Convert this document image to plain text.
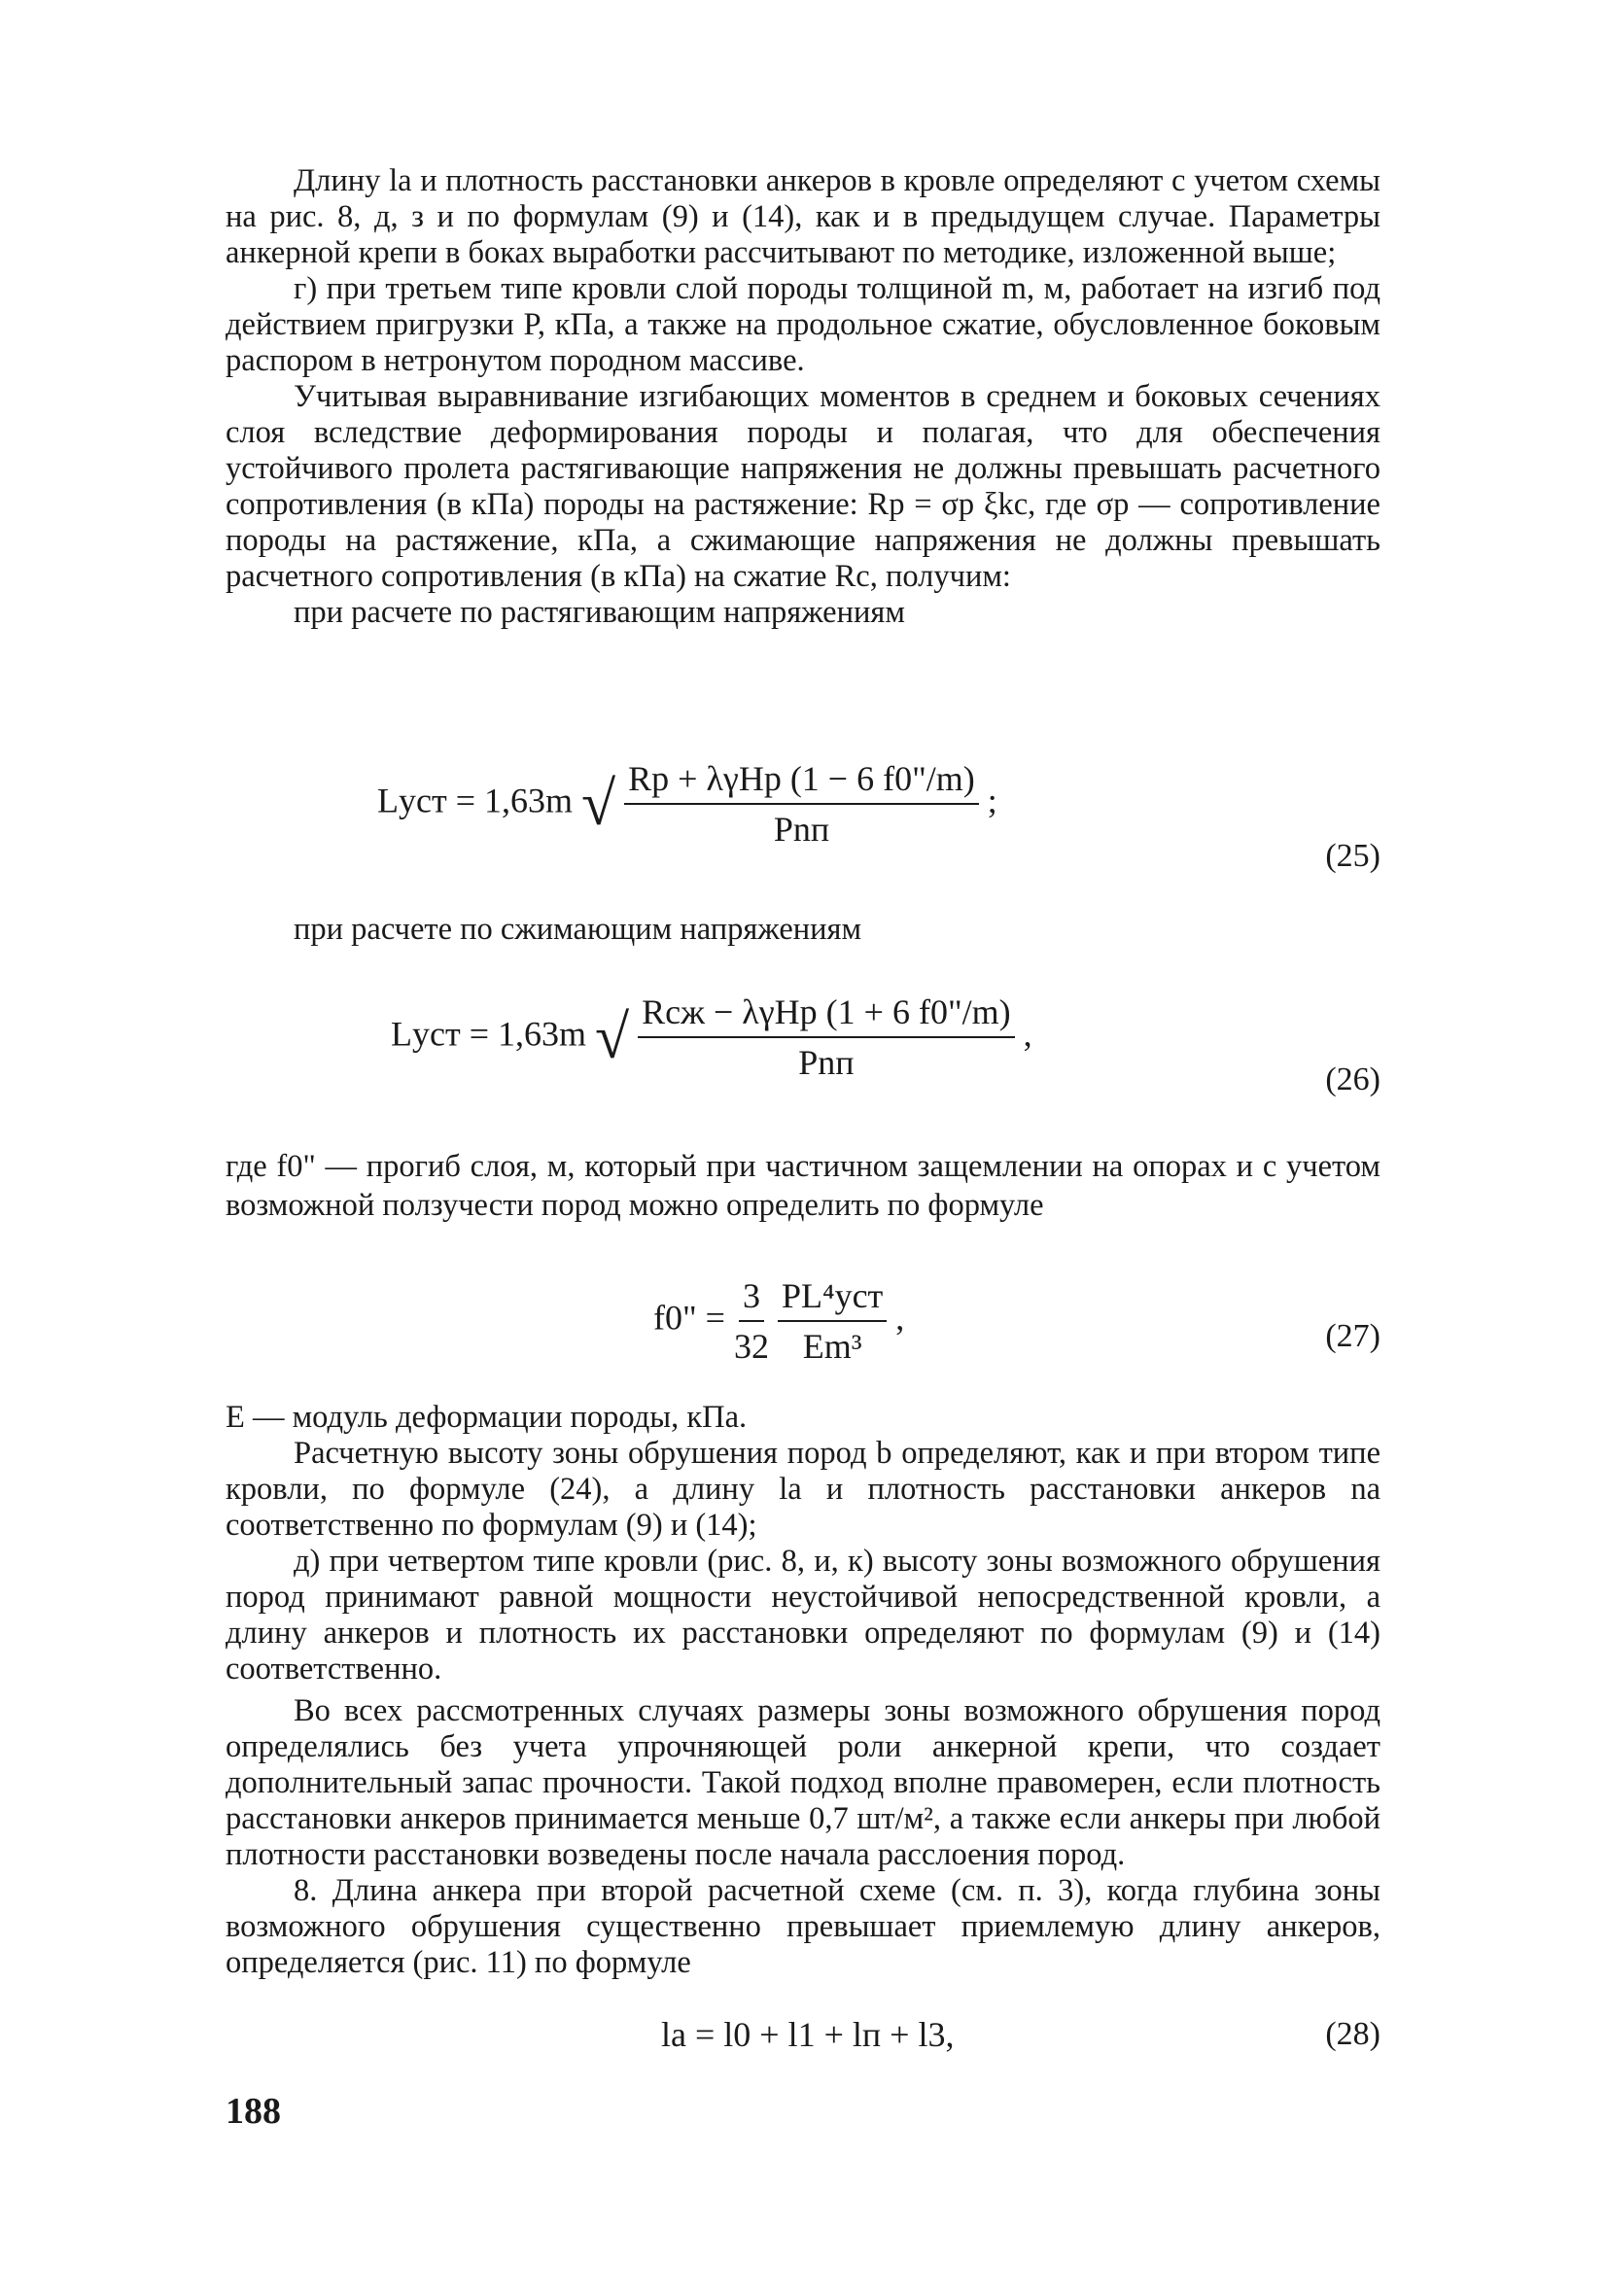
Длину lа и плотность расстановки анкеров в кровле определяют с учетом схемы на рис. 8, д, з и по формулам (9) и (14), как и в предыдущем случае. Параметры анкерной крепи в боках выработки рассчитывают по методике, изложенной выше;

г) при третьем типе кровли слой породы толщиной m, м, работает на изгиб под действием пригрузки P, кПа, а также на продольное сжатие, обусловленное боковым распором в нетронутом породном массиве.

Учитывая выравнивание изгибающих моментов в среднем и боковых сечениях слоя вследствие деформирования породы и полагая, что для обеспечения устойчивого пролета растягивающие напряжения не должны превышать расчетного сопротивления (в кПа) породы на растяжение: Rр = σр ξkс, где σр — сопротивление породы на растяжение, кПа, а сжимающие напряжения не должны превышать расчетного сопротивления (в кПа) на сжатие Rс, получим:

при расчете по растягивающим напряжениям

Lуст = 1,63m √ $\frac{\text{Rр + λγHр (1 − 6 f0"/m)}}{\text{Pnп}}$ ;
(25)

при расчете по сжимающим напряжениям

Lуст = 1,63m √ $\frac{\text{Rсж − λγHр (1 + 6 f0"/m)}}{\text{Pnп}}$ ,
(26)

где f0" — прогиб слоя, м, который при частичном защемлении на опорах и с учетом возможной ползучести пород можно определить по формуле

f0" = $\frac{3}{32}$
$\frac{\text{PL⁴уст}}{\text{Em³}}$ ,	(27)

E — модуль деформации породы, кПа.

Расчетную высоту зоны обрушения пород b определяют, как и при втором типе кровли, по формуле (24), а длину lа и плотность расстановки анкеров nа соответственно по формулам (9) и (14);

д) при четвертом типе кровли (рис. 8, и, к) высоту зоны возможного обрушения пород принимают равной мощности неустойчивой непосредственной кровли, а длину анкеров и плотность их расстановки определяют по формулам (9) и (14) соответственно.

Во всех рассмотренных случаях размеры зоны возможного обрушения пород определялись без учета упрочняющей роли анкерной крепи, что создает дополнительный запас прочности. Такой подход вполне правомерен, если плотность расстановки анкеров принимается меньше 0,7 шт/м², а также если анкеры при любой плотности расстановки возведены после начала расслоения пород.

8. Длина анкера при второй расчетной схеме (см. п. 3), когда глубина зоны возможного обрушения существенно превышает приемлемую длину анкеров, определяется (рис. 11) по формуле

lа = l0 + l1 + lп + l3,	(28)
188
